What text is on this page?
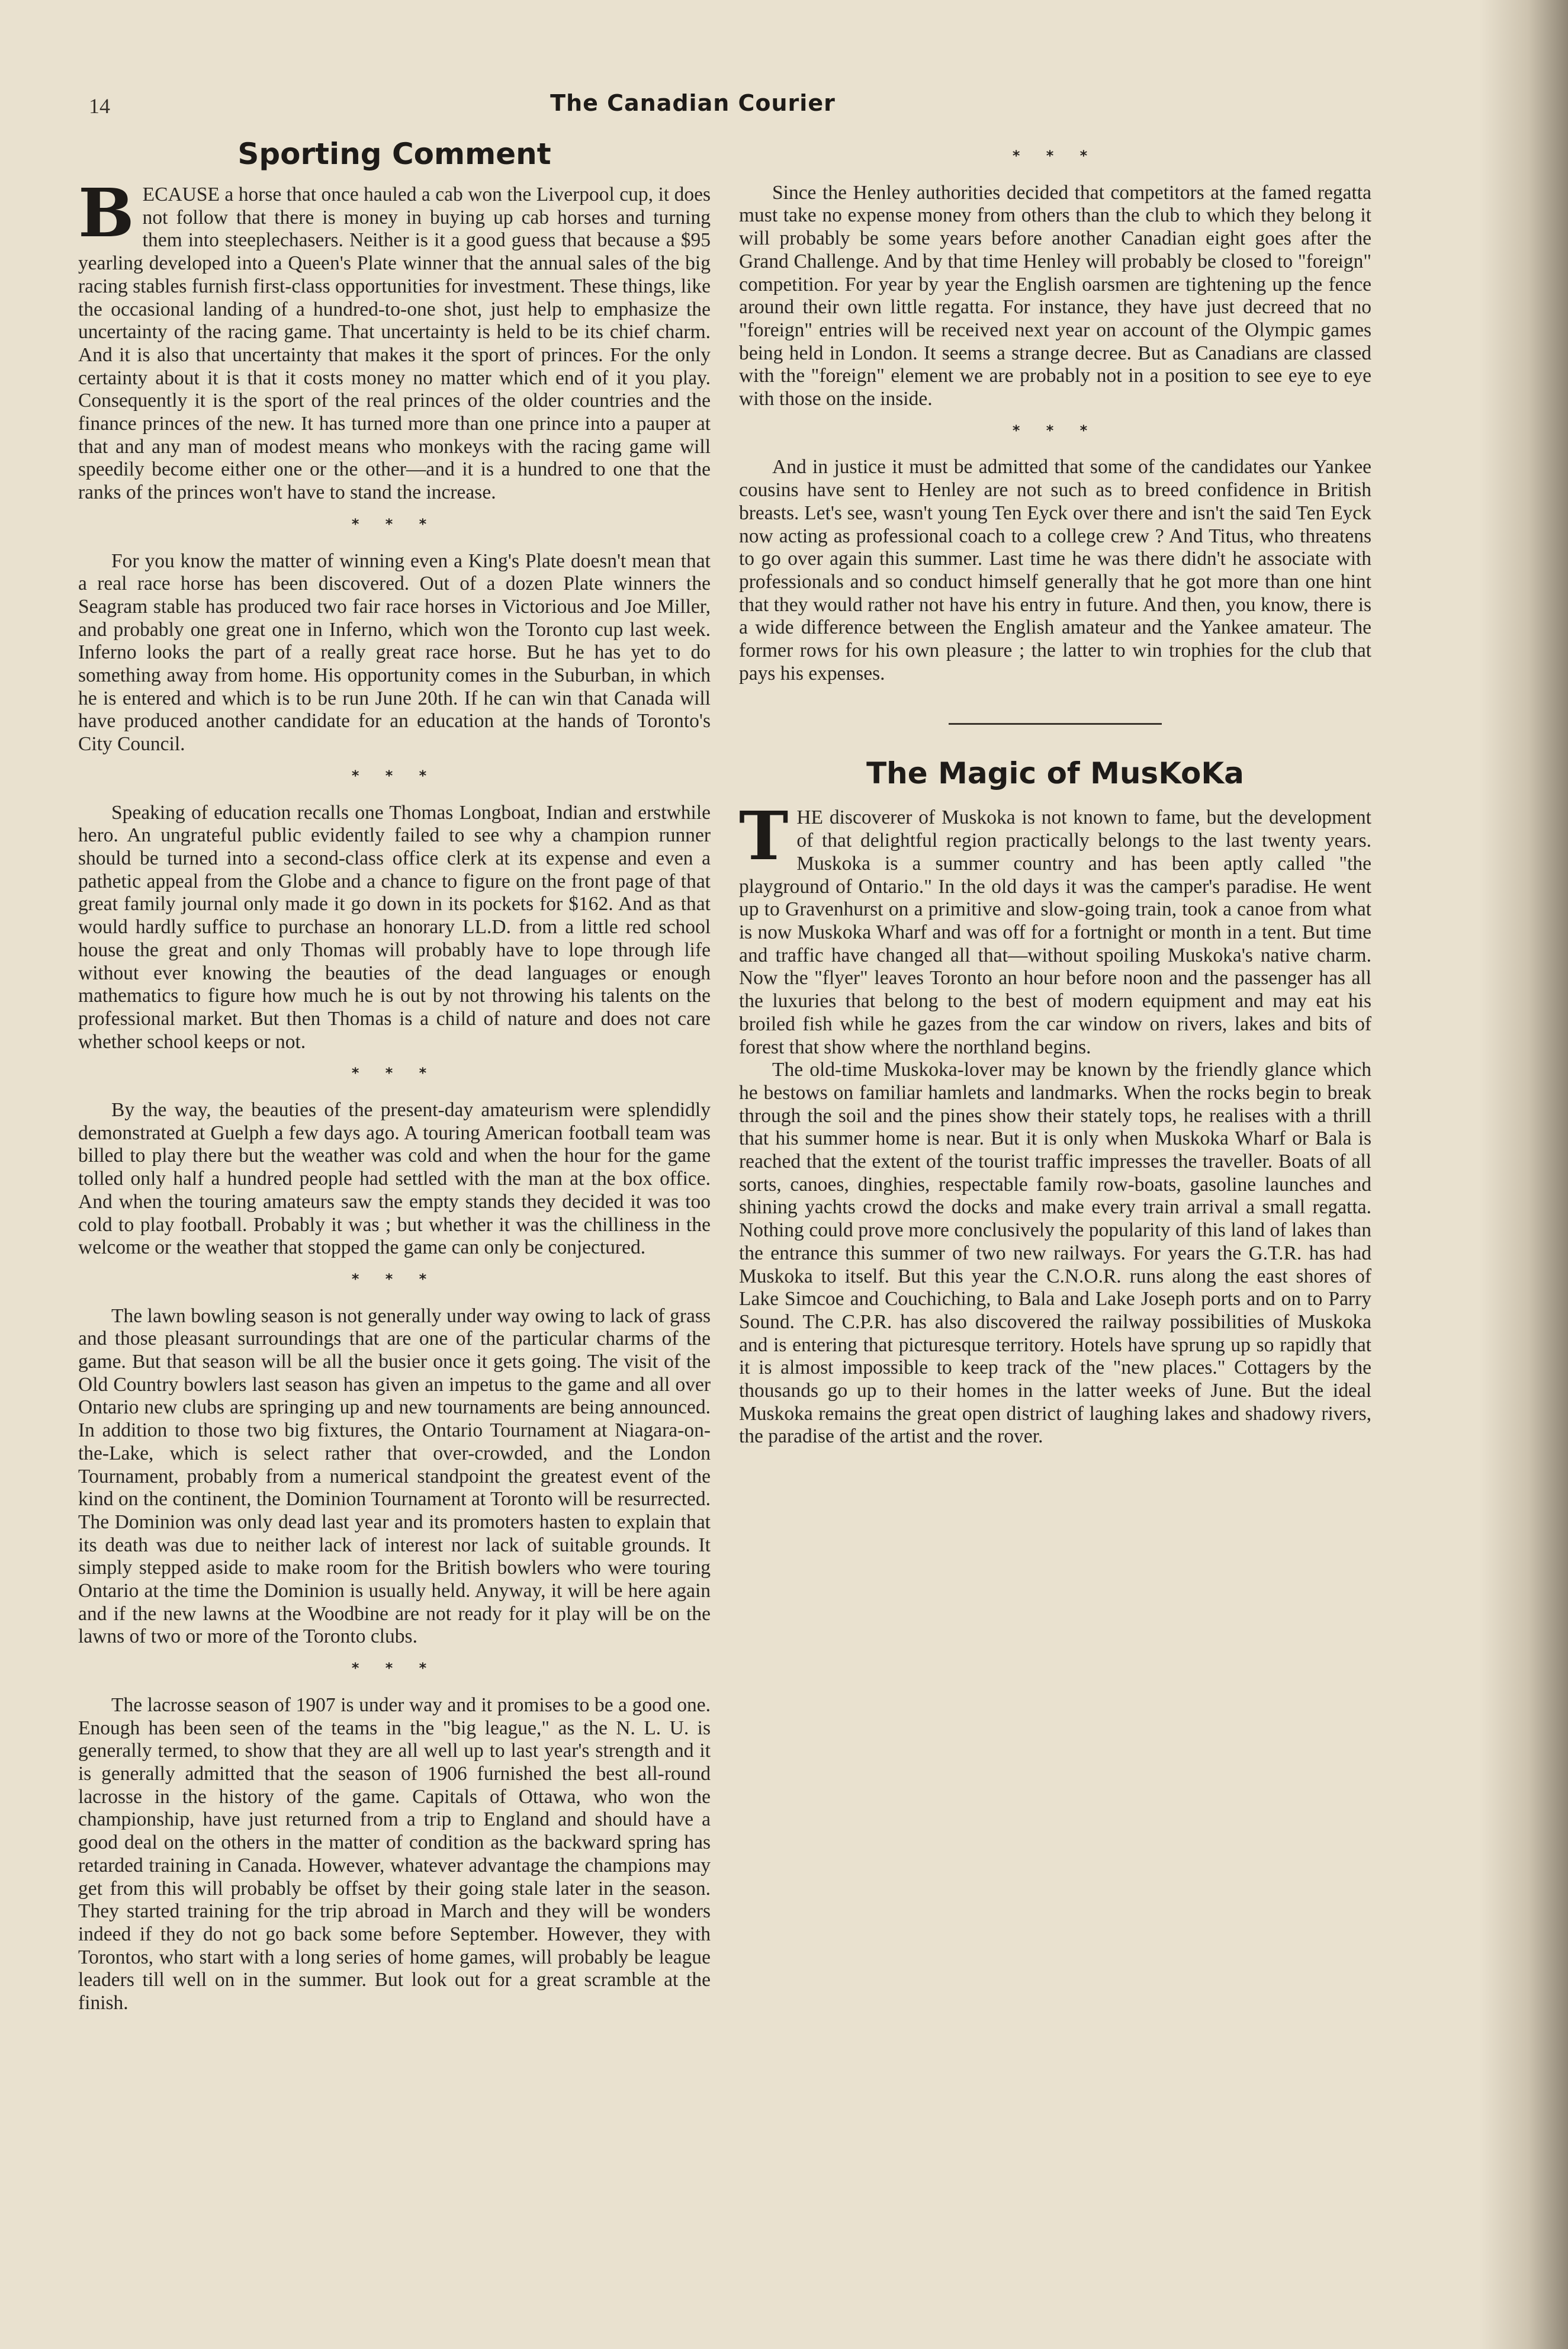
14	The Canadian Courier
Sporting Comment

BECAUSE a horse that once hauled a cab won the Liverpool cup, it does not follow that there is money in buying up cab horses and turning them into steeplechasers. Neither is it a good guess that because a $95 yearling developed into a Queen's Plate winner that the annual sales of the big racing stables furnish first-class opportunities for investment. These things, like the occasional landing of a hundred-to-one shot, just help to emphasize the uncertainty of the racing game. That uncertainty is held to be its chief charm. And it is also that uncertainty that makes it the sport of princes. For the only certainty about it is that it costs money no matter which end of it you play. Consequently it is the sport of the real princes of the older countries and the finance princes of the new. It has turned more than one prince into a pauper at that and any man of modest means who monkeys with the racing game will speedily become either one or the other—and it is a hundred to one that the ranks of the princes won't have to stand the increase.

* * *

For you know the matter of winning even a King's Plate doesn't mean that a real race horse has been discovered. Out of a dozen Plate winners the Seagram stable has produced two fair race horses in Victorious and Joe Miller, and probably one great one in Inferno, which won the Toronto cup last week. Inferno looks the part of a really great race horse. But he has yet to do something away from home. His opportunity comes in the Suburban, in which he is entered and which is to be run June 20th. If he can win that Canada will have produced another candidate for an education at the hands of Toronto's City Council.

* * *

Speaking of education recalls one Thomas Longboat, Indian and erstwhile hero. An ungrateful public evidently failed to see why a champion runner should be turned into a second-class office clerk at its expense and even a pathetic appeal from the Globe and a chance to figure on the front page of that great family journal only made it go down in its pockets for $162. And as that would hardly suffice to purchase an honorary LL.D. from a little red school house the great and only Thomas will probably have to lope through life without ever knowing the beauties of the dead languages or enough mathematics to figure how much he is out by not throwing his talents on the professional market. But then Thomas is a child of nature and does not care whether school keeps or not.

* * *

By the way, the beauties of the present-day amateurism were splendidly demonstrated at Guelph a few days ago. A touring American football team was billed to play there but the weather was cold and when the hour for the game tolled only half a hundred people had settled with the man at the box office. And when the touring amateurs saw the empty stands they decided it was too cold to play football. Probably it was ; but whether it was the chilliness in the welcome or the weather that stopped the game can only be conjectured.

* * *

The lawn bowling season is not generally under way owing to lack of grass and those pleasant surroundings that are one of the particular charms of the game. But that season will be all the busier once it gets going. The visit of the Old Country bowlers last season has given an impetus to the game and all over Ontario new clubs are springing up and new tournaments are being announced. In addition to those two big fixtures, the Ontario Tournament at Niagara-on-the-Lake, which is select rather that over-crowded, and the London Tournament, probably from a numerical standpoint the greatest event of the kind on the continent, the Dominion Tournament at Toronto will be resurrected. The Dominion was only dead last year and its promoters hasten to explain that its death was due to neither lack of interest nor lack of suitable grounds. It simply stepped aside to make room for the British bowlers who were touring Ontario at the time the Dominion is usually held. Anyway, it will be here again and if the new lawns at the Woodbine are not ready for it play will be on the lawns of two or more of the Toronto clubs.

* * *

The lacrosse season of 1907 is under way and it promises to be a good one. Enough has been seen of the teams in the "big league," as the N. L. U. is generally termed, to show that they are all well up to last year's strength and it is generally admitted that the season of 1906 furnished the best all-round lacrosse in the history of the game. Capitals of Ottawa, who won the championship, have just returned from a trip to England and should have a good deal on the others in the matter of condition as the backward spring has retarded training in Canada. However, whatever advantage the champions may get from this will probably be offset by their going stale later in the season. They started training for the trip abroad in March and they will be wonders indeed if they do not go back some before September. However, they with Torontos, who start with a long series of home games, will probably be league leaders till well on in the summer. But look out for a great scramble at the finish.

* * *

Since the Henley authorities decided that competitors at the famed regatta must take no expense money from others than the club to which they belong it will probably be some years before another Canadian eight goes after the Grand Challenge. And by that time Henley will probably be closed to "foreign" competition. For year by year the English oarsmen are tightening up the fence around their own little regatta. For instance, they have just decreed that no "foreign" entries will be received next year on account of the Olympic games being held in London. It seems a strange decree. But as Canadians are classed with the "foreign" element we are probably not in a position to see eye to eye with those on the inside.

* * *

And in justice it must be admitted that some of the candidates our Yankee cousins have sent to Henley are not such as to breed confidence in British breasts. Let's see, wasn't young Ten Eyck over there and isn't the said Ten Eyck now acting as professional coach to a college crew ? And Titus, who threatens to go over again this summer. Last time he was there didn't he associate with professionals and so conduct himself generally that he got more than one hint that they would rather not have his entry in future. And then, you know, there is a wide difference between the English amateur and the Yankee amateur. The former rows for his own pleasure ; the latter to win trophies for the club that pays his expenses.

The Magic of MusKoKa

THE discoverer of Muskoka is not known to fame, but the development of that delightful region practically belongs to the last twenty years. Muskoka is a summer country and has been aptly called "the playground of Ontario." In the old days it was the camper's paradise. He went up to Gravenhurst on a primitive and slow-going train, took a canoe from what is now Muskoka Wharf and was off for a fortnight or month in a tent. But time and traffic have changed all that—without spoiling Muskoka's native charm. Now the "flyer" leaves Toronto an hour before noon and the passenger has all the luxuries that belong to the best of modern equipment and may eat his broiled fish while he gazes from the car window on rivers, lakes and bits of forest that show where the northland begins.

The old-time Muskoka-lover may be known by the friendly glance which he bestows on familiar hamlets and landmarks. When the rocks begin to break through the soil and the pines show their stately tops, he realises with a thrill that his summer home is near. But it is only when Muskoka Wharf or Bala is reached that the extent of the tourist traffic impresses the traveller. Boats of all sorts, canoes, dinghies, respectable family row-boats, gasoline launches and shining yachts crowd the docks and make every train arrival a small regatta. Nothing could prove more conclusively the popularity of this land of lakes than the entrance this summer of two new railways. For years the G.T.R. has had Muskoka to itself. But this year the C.N.O.R. runs along the east shores of Lake Simcoe and Couchiching, to Bala and Lake Joseph ports and on to Parry Sound. The C.P.R. has also discovered the railway possibilities of Muskoka and is entering that picturesque territory. Hotels have sprung up so rapidly that it is almost impossible to keep track of the "new places." Cottagers by the thousands go up to their homes in the latter weeks of June. But the ideal Muskoka remains the great open district of laughing lakes and shadowy rivers, the paradise of the artist and the rover.
